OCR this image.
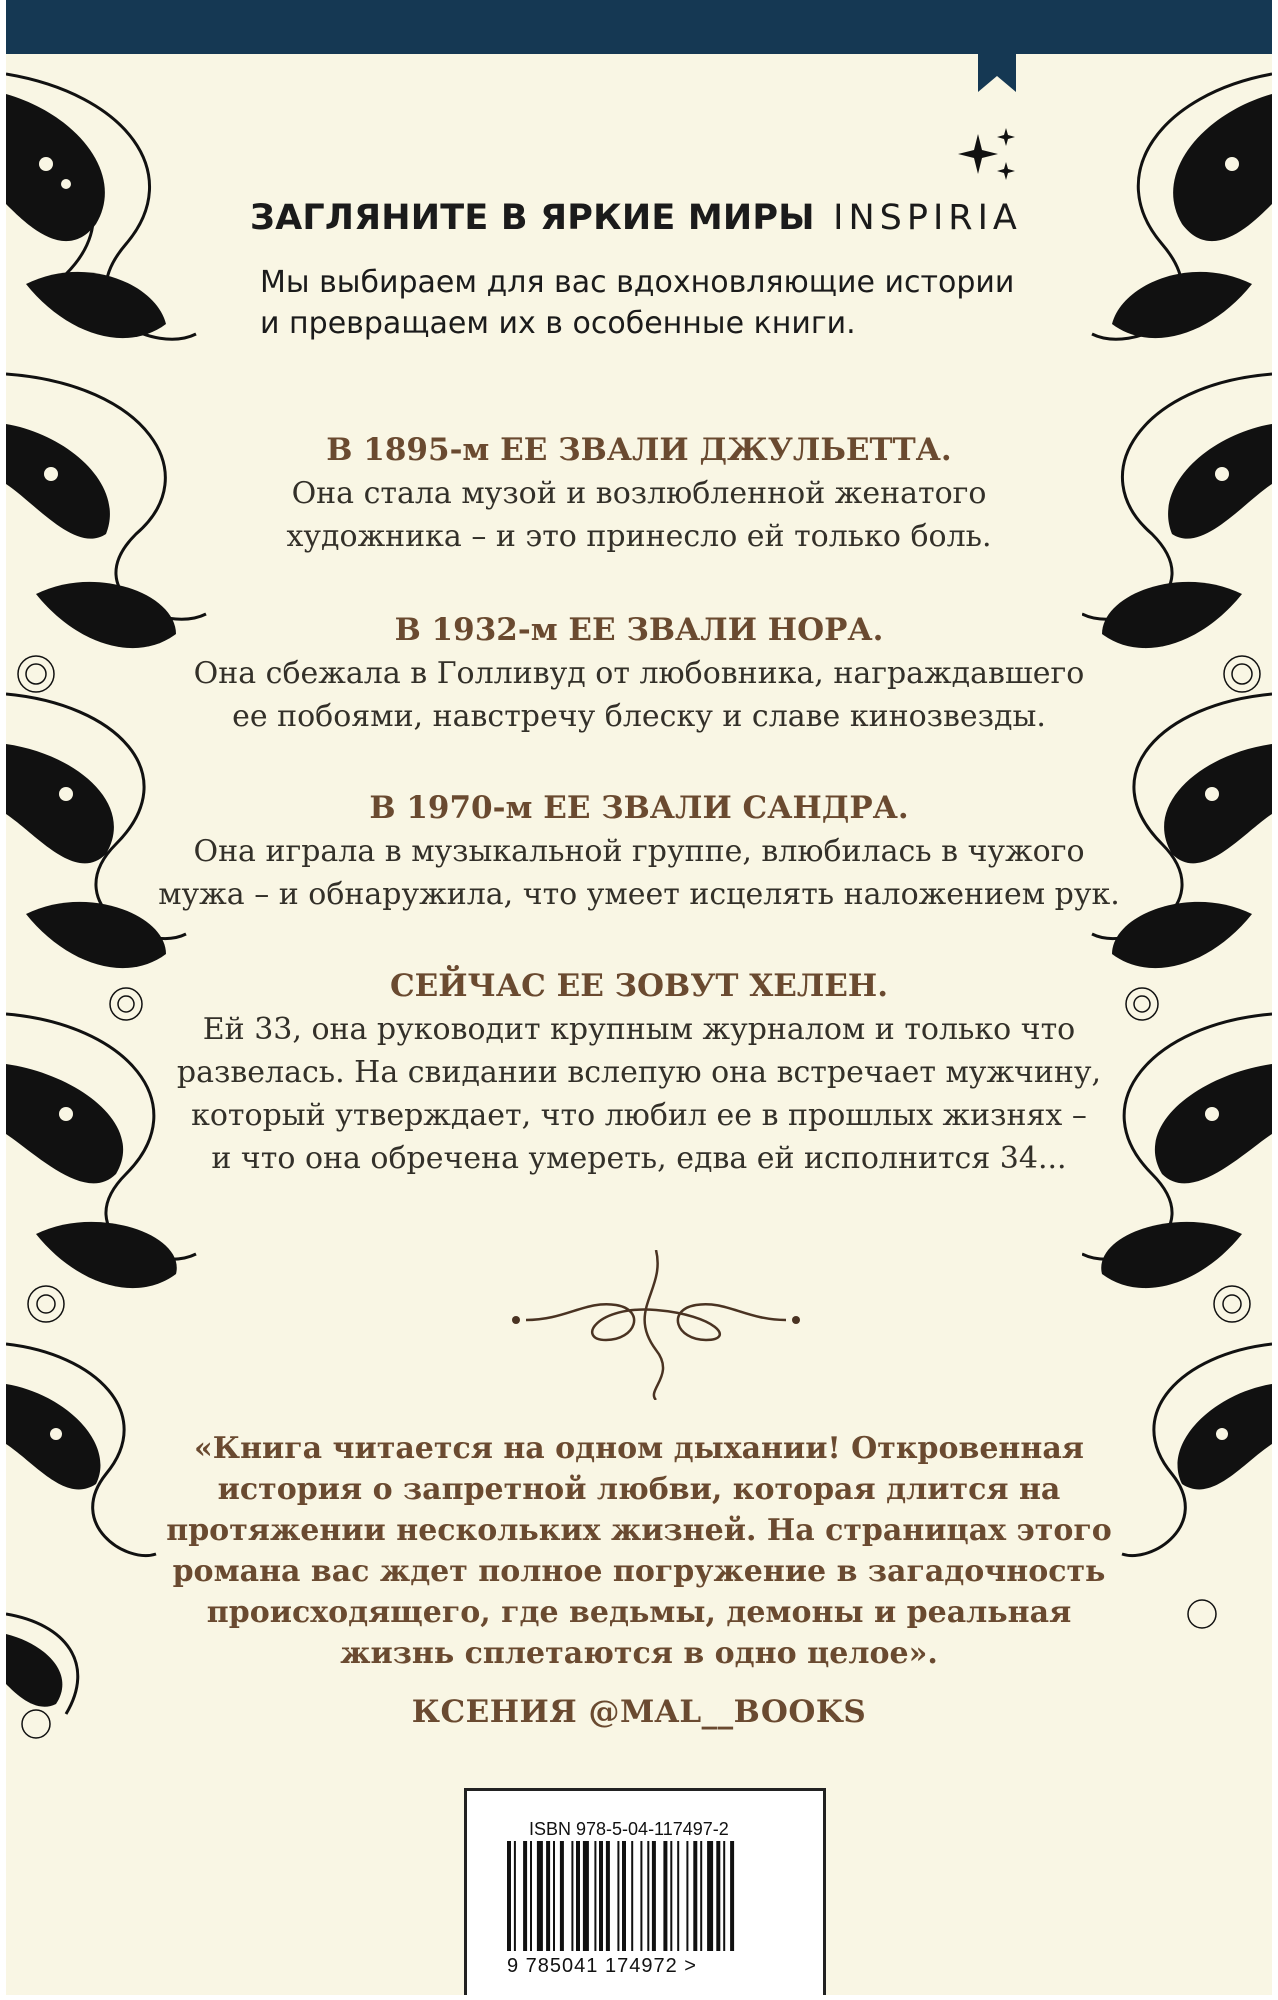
ЗАГЛЯНИТЕ В ЯРКИЕ МИРЫ INSPIRIA
Мы выбираем для вас вдохновляющие истории
и превращаем их в особенные книги.
В 1895-м ЕЕ ЗВАЛИ ДЖУЛЬЕТТА.
Она стала музой и возлюбленной женатого
художника – и это принесло ей только боль.
В 1932-м ЕЕ ЗВАЛИ НОРА.
Она сбежала в Голливуд от любовника, награждавшего
ее побоями, навстречу блеску и славе кинозвезды.
В 1970-м ЕЕ ЗВАЛИ САНДРА.
Она играла в музыкальной группе, влюбилась в чужого
мужа – и обнаружила, что умеет исцелять наложением рук.
СЕЙЧАС ЕЕ ЗОВУТ ХЕЛЕН.
Ей 33, она руководит крупным журналом и только что
развелась. На свидании вслепую она встречает мужчину,
который утверждает, что любил ее в прошлых жизнях –
и что она обречена умереть, едва ей исполнится 34...
«Книга читается на одном дыхании! Откровенная
история о запретной любви, которая длится на
протяжении нескольких жизней. На страницах этого
романа вас ждет полное погружение в загадочность
происходящего, где ведьмы, демоны и реальная
жизнь сплетаются в одно целое».
КСЕНИЯ @MAL__BOOKS
ISBN 978-5-04-117497-2
9 785041 174972 >
